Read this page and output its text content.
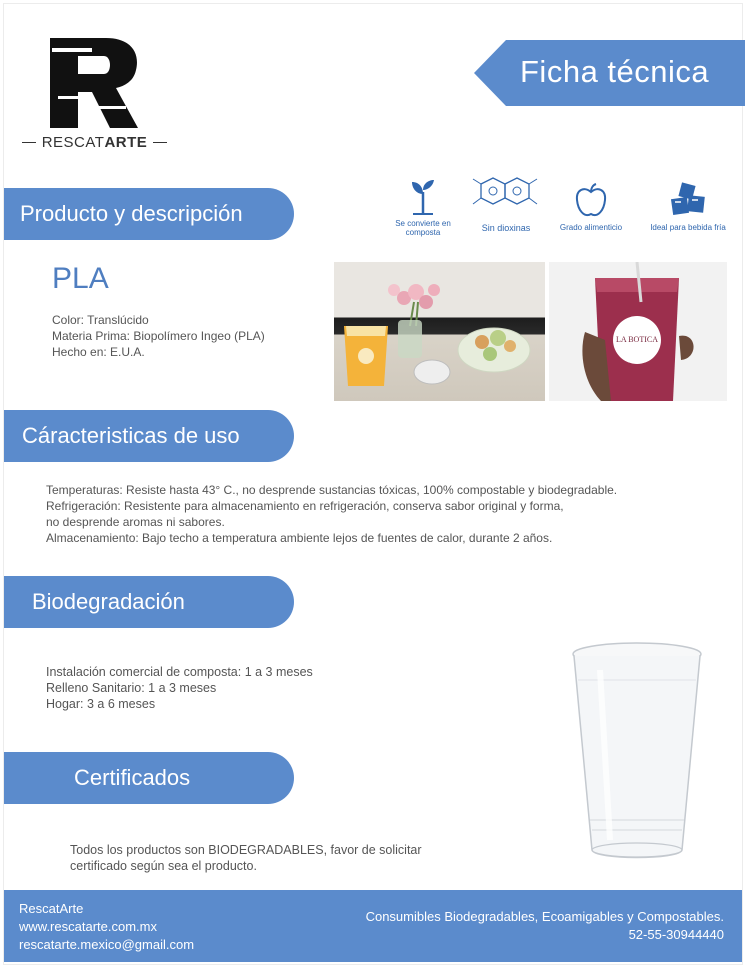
RESCATARTE
Ficha técnica
Producto y descripción	Se convierte en
composta	Sin dioxinas	Grado alimenticio	Ideal para bebida fría
PLA
Color: Translúcido
Materia Prima: Biopolímero Ingeo (PLA)
Hecho en: E.U.A.
LA BOTICA
Cáracteristicas de uso
Temperaturas: Resiste hasta 43° C., no desprende sustancias tóxicas, 100% compostable y biodegradable.
Refrigeración: Resistente para almacenamiento en refrigeración, conserva sabor original y forma,
no desprende aromas ni sabores.
Almacenamiento: Bajo techo a temperatura ambiente lejos de fuentes de calor, durante 2 años.
Biodegradación
Instalación comercial de composta: 1 a 3 meses
Relleno Sanitario: 1 a 3 meses
Hogar: 3 a 6 meses
Certificados
Todos los productos son BIODEGRADABLES, favor de solicitar
certificado según sea el producto.
RescatArte
www.rescatarte.com.mx
rescatarte.mexico@gmail.com
Consumibles Biodegradables, Ecoamigables y Compostables.
52-55-30944440
